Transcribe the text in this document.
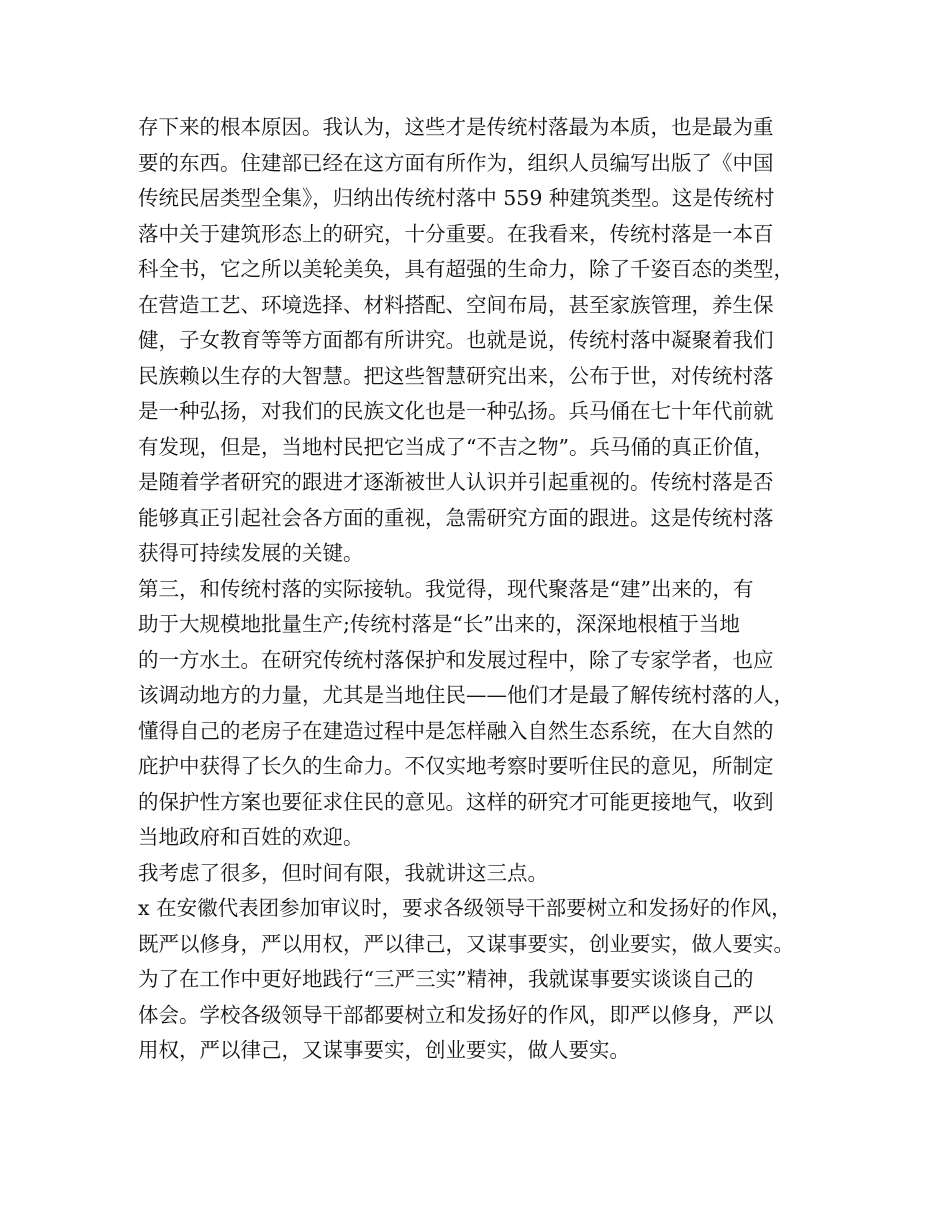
存下来的根本原因。我认为，这些才是传统村落最为本质，也是最为重
要的东西。住建部已经在这方面有所作为，组织人员编写出版了《中国
传统民居类型全集》，归纳出传统村落中 559 种建筑类型。这是传统村
落中关于建筑形态上的研究，十分重要。在我看来，传统村落是一本百
科全书，它之所以美轮美奂，具有超强的生命力，除了千姿百态的类型，
在营造工艺、环境选择、材料搭配、空间布局，甚至家族管理，养生保
健，子女教育等等方面都有所讲究。也就是说，传统村落中凝聚着我们
民族赖以生存的大智慧。把这些智慧研究出来，公布于世，对传统村落
是一种弘扬，对我们的民族文化也是一种弘扬。兵马俑在七十年代前就
有发现，但是，当地村民把它当成了“不吉之物”。兵马俑的真正价值，
是随着学者研究的跟进才逐渐被世人认识并引起重视的。传统村落是否
能够真正引起社会各方面的重视，急需研究方面的跟进。这是传统村落
获得可持续发展的关键。
第三，和传统村落的实际接轨。我觉得，现代聚落是“建”出来的，有
助于大规模地批量生产;传统村落是“长”出来的，深深地根植于当地
的一方水土。在研究传统村落保护和发展过程中，除了专家学者，也应
该调动地方的力量，尤其是当地住民——他们才是最了解传统村落的人，
懂得自己的老房子在建造过程中是怎样融入自然生态系统，在大自然的
庇护中获得了长久的生命力。不仅实地考察时要听住民的意见，所制定
的保护性方案也要征求住民的意见。这样的研究才可能更接地气，收到
当地政府和百姓的欢迎。
我考虑了很多，但时间有限，我就讲这三点。
x 在安徽代表团参加审议时，要求各级领导干部要树立和发扬好的作风，
既严以修身，严以用权，严以律己，又谋事要实，创业要实，做人要实。
为了在工作中更好地践行“三严三实”精神，我就谋事要实谈谈自己的
体会。学校各级领导干部都要树立和发扬好的作风，即严以修身，严以
用权，严以律己，又谋事要实，创业要实，做人要实。
